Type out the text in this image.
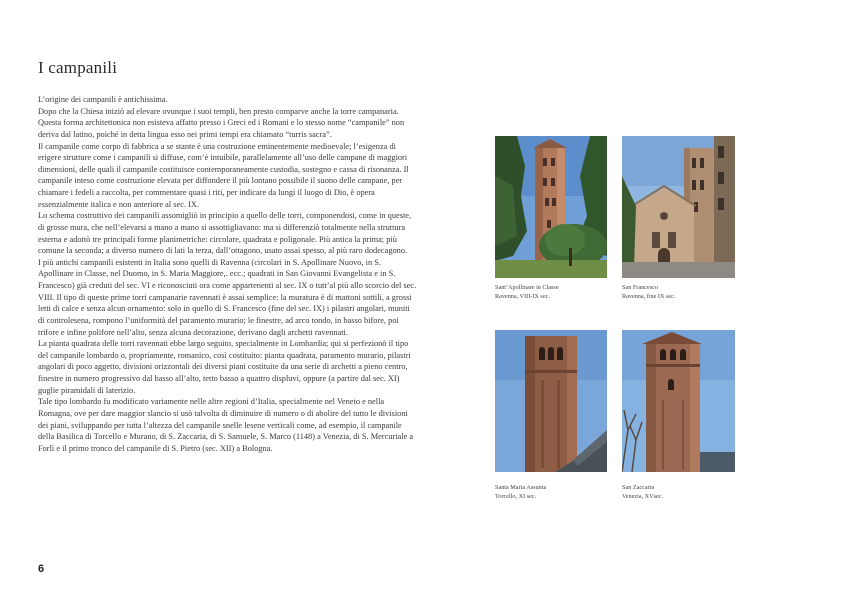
I campanili

L’origine dei campanili è antichissima.

Dopo che la Chiesa iniziò ad elevare ovunque i suoi templi, ben presto comparve anche la torre campanaria. Questa forma architettonica non esisteva affatto presso i Greci ed i Romani e lo stesso nome “campanile” non deriva dal latino, poiché in detta lingua esso nei primi tempi era chiamato “turris sacra”.

Il campanile come corpo di fabbrica a se stante è una costruzione eminentemente medioevale; l’esigenza di erigere strutture come i campanili si diffuse, com’è intuibile, parallelamente all’uso delle campane di maggiori dimensioni, delle quali il campanile costituisce contemporaneamente custodia, sostegno e cassa di risonanza. Il campanile inteso come costruzione elevata per diffondere il più lontano possibile il suono delle campane, per chiamare i fedeli a raccolta, per commentare quasi i riti, per indicare da lungi il luogo di Dio, è opera essenzialmente italica e non anteriore al sec. IX.

Lo schema costruttivo dei campanili assomigliò in principio a quello delle torri, componendosi, come in queste, di grosse mura, che nell’elevarsi a mano a mano si assottigliavano: ma si differenziò totalmente nella struttura esterna e adottò tre principali forme planimetriche: circolare, quadrata e poligonale. Più antica la prima; più comune la seconda; a diverso numero di lati la terza, dall’ottagono, usato assai spesso, al più raro dodecagono.

I più antichi campanili esistenti in Italia sono quelli di Ravenna (circolari in S. Apollinare Nuovo, in S. Apollinare in Classe, nel Duomo, in S. Maria Maggiore,. ecc.; quadrati in San Giovanni Evangelista e in S. Francesco) già creduti del sec. VI e riconosciuti ora come appartenenti al sec. IX o tutt’al più allo scorcio del sec. VIII. Il tipo di queste prime torri campanarie ravennati è assai semplice: la muratura è di mattoni sottili, a grossi letti di calce e senza alcun ornamento: solo in quello di S. Francesco (fine del sec. IX) i pilastri angolari, muniti di controlesena, rompono l’uniformità del paramento murario; le finestre, ad arco tondo, in basso bifore, poi trifore e infine polifore nell’alto, senza alcuna decorazione, derivano dagli archetti ravennati.

La pianta quadrata delle torri ravennati ebbe largo seguito, specialmente in Lombardia; qui si perfezionò il tipo del campanile lombardo o, propriamente, romanico, così costituito: pianta quadrata, paramento murario, pilastri angolari di poco aggetto, divisioni orizzontali dei diversi piani costituite da una serie di archetti a pieno centro, finestre in numero progressivo dal basso all’alto, tetto basso a quattro displuvi, oppure (a partire dal sec. XI) guglie piramidali di laterizio.

Tale tipo lombardo fu modificato variamente nelle altre regioni d’Italia, specialmente nel Veneto e nella Romagna, ove per dare maggior slancio si usò talvolta di diminuire di numero o di abolire del tutto le divisioni dei piani, sviluppando per tutta l’altezza del campanile snelle lesene verticali come, ad esempio, il campanile della Basilica di Torcello e Murano, di S. Zaccaria, di S. Samuele, S. Marco (1148) a Venezia, di S. Mercuriale a Forlì e il primo tronco del campanile di S. Pietro (sec. XII) a Bologna.

6
Sant’Apollinare in Classe
Ravenna, VIII-IX sec.
San Francesco
Ravenna, fine IX sec.
Santa Maria Assunta
Torcello, XI sec.
San Zaccaria
Venezia, XVsec.
